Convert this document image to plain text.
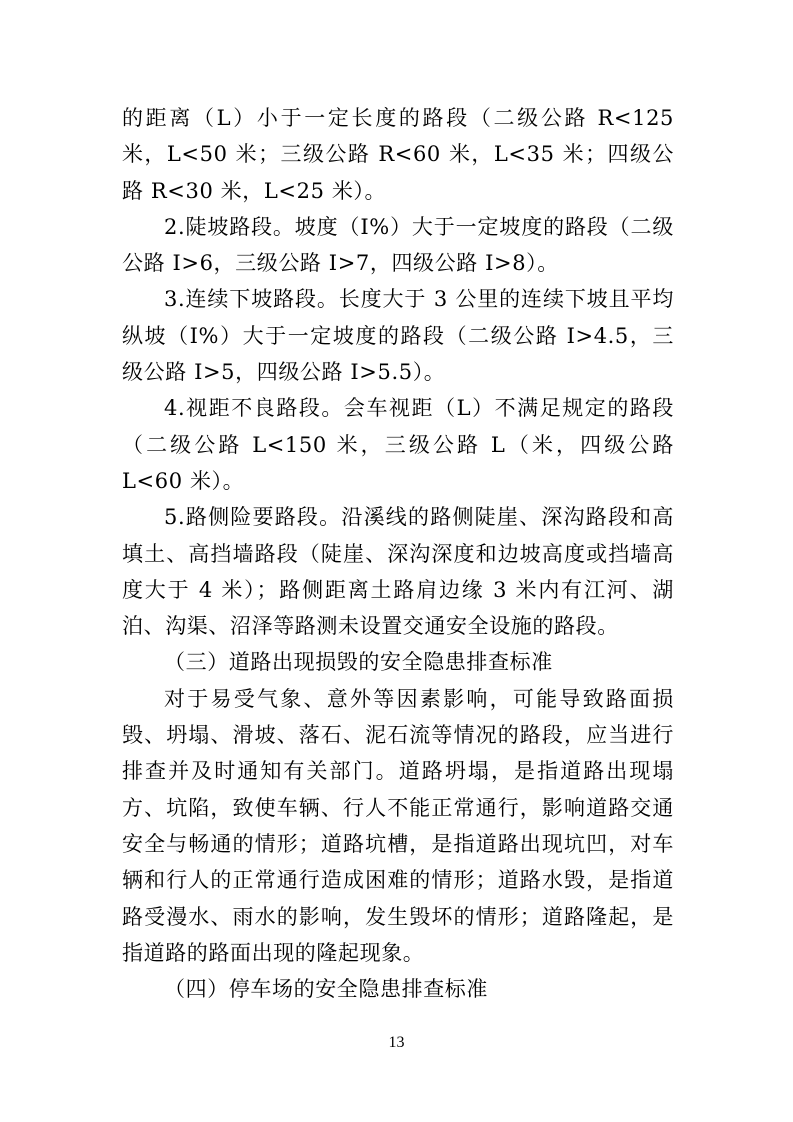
的距离（L）小于一定长度的路段（二级公路 R<125 米，L<50 米；三级公路 R<60 米，L<35 米；四级公路 R<30 米，L<25 米）。

2.陡坡路段。坡度（I%）大于一定坡度的路段（二级公路 I>6，三级公路 I>7，四级公路 I>8）。

3.连续下坡路段。长度大于 3 公里的连续下坡且平均纵坡（I%）大于一定坡度的路段（二级公路 I>4.5，三级公路 I>5，四级公路 I>5.5）。

4.视距不良路段。会车视距（L）不满足规定的路段（二级公路 L<150 米，三级公路 L（米，四级公路 L<60 米）。

5.路侧险要路段。沿溪线的路侧陡崖、深沟路段和高填土、高挡墙路段（陡崖、深沟深度和边坡高度或挡墙高度大于 4 米）；路侧距离土路肩边缘 3 米内有江河、湖泊、沟渠、沼泽等路测未设置交通安全设施的路段。

（三）道路出现损毁的安全隐患排查标准

对于易受气象、意外等因素影响，可能导致路面损毁、坍塌、滑坡、落石、泥石流等情况的路段，应当进行排查并及时通知有关部门。道路坍塌，是指道路出现塌方、坑陷，致使车辆、行人不能正常通行，影响道路交通安全与畅通的情形；道路坑槽，是指道路出现坑凹，对车辆和行人的正常通行造成困难的情形；道路水毁，是指道路受漫水、雨水的影响，发生毁坏的情形；道路隆起，是指道路的路面出现的隆起现象。

（四）停车场的安全隐患排查标准

13
